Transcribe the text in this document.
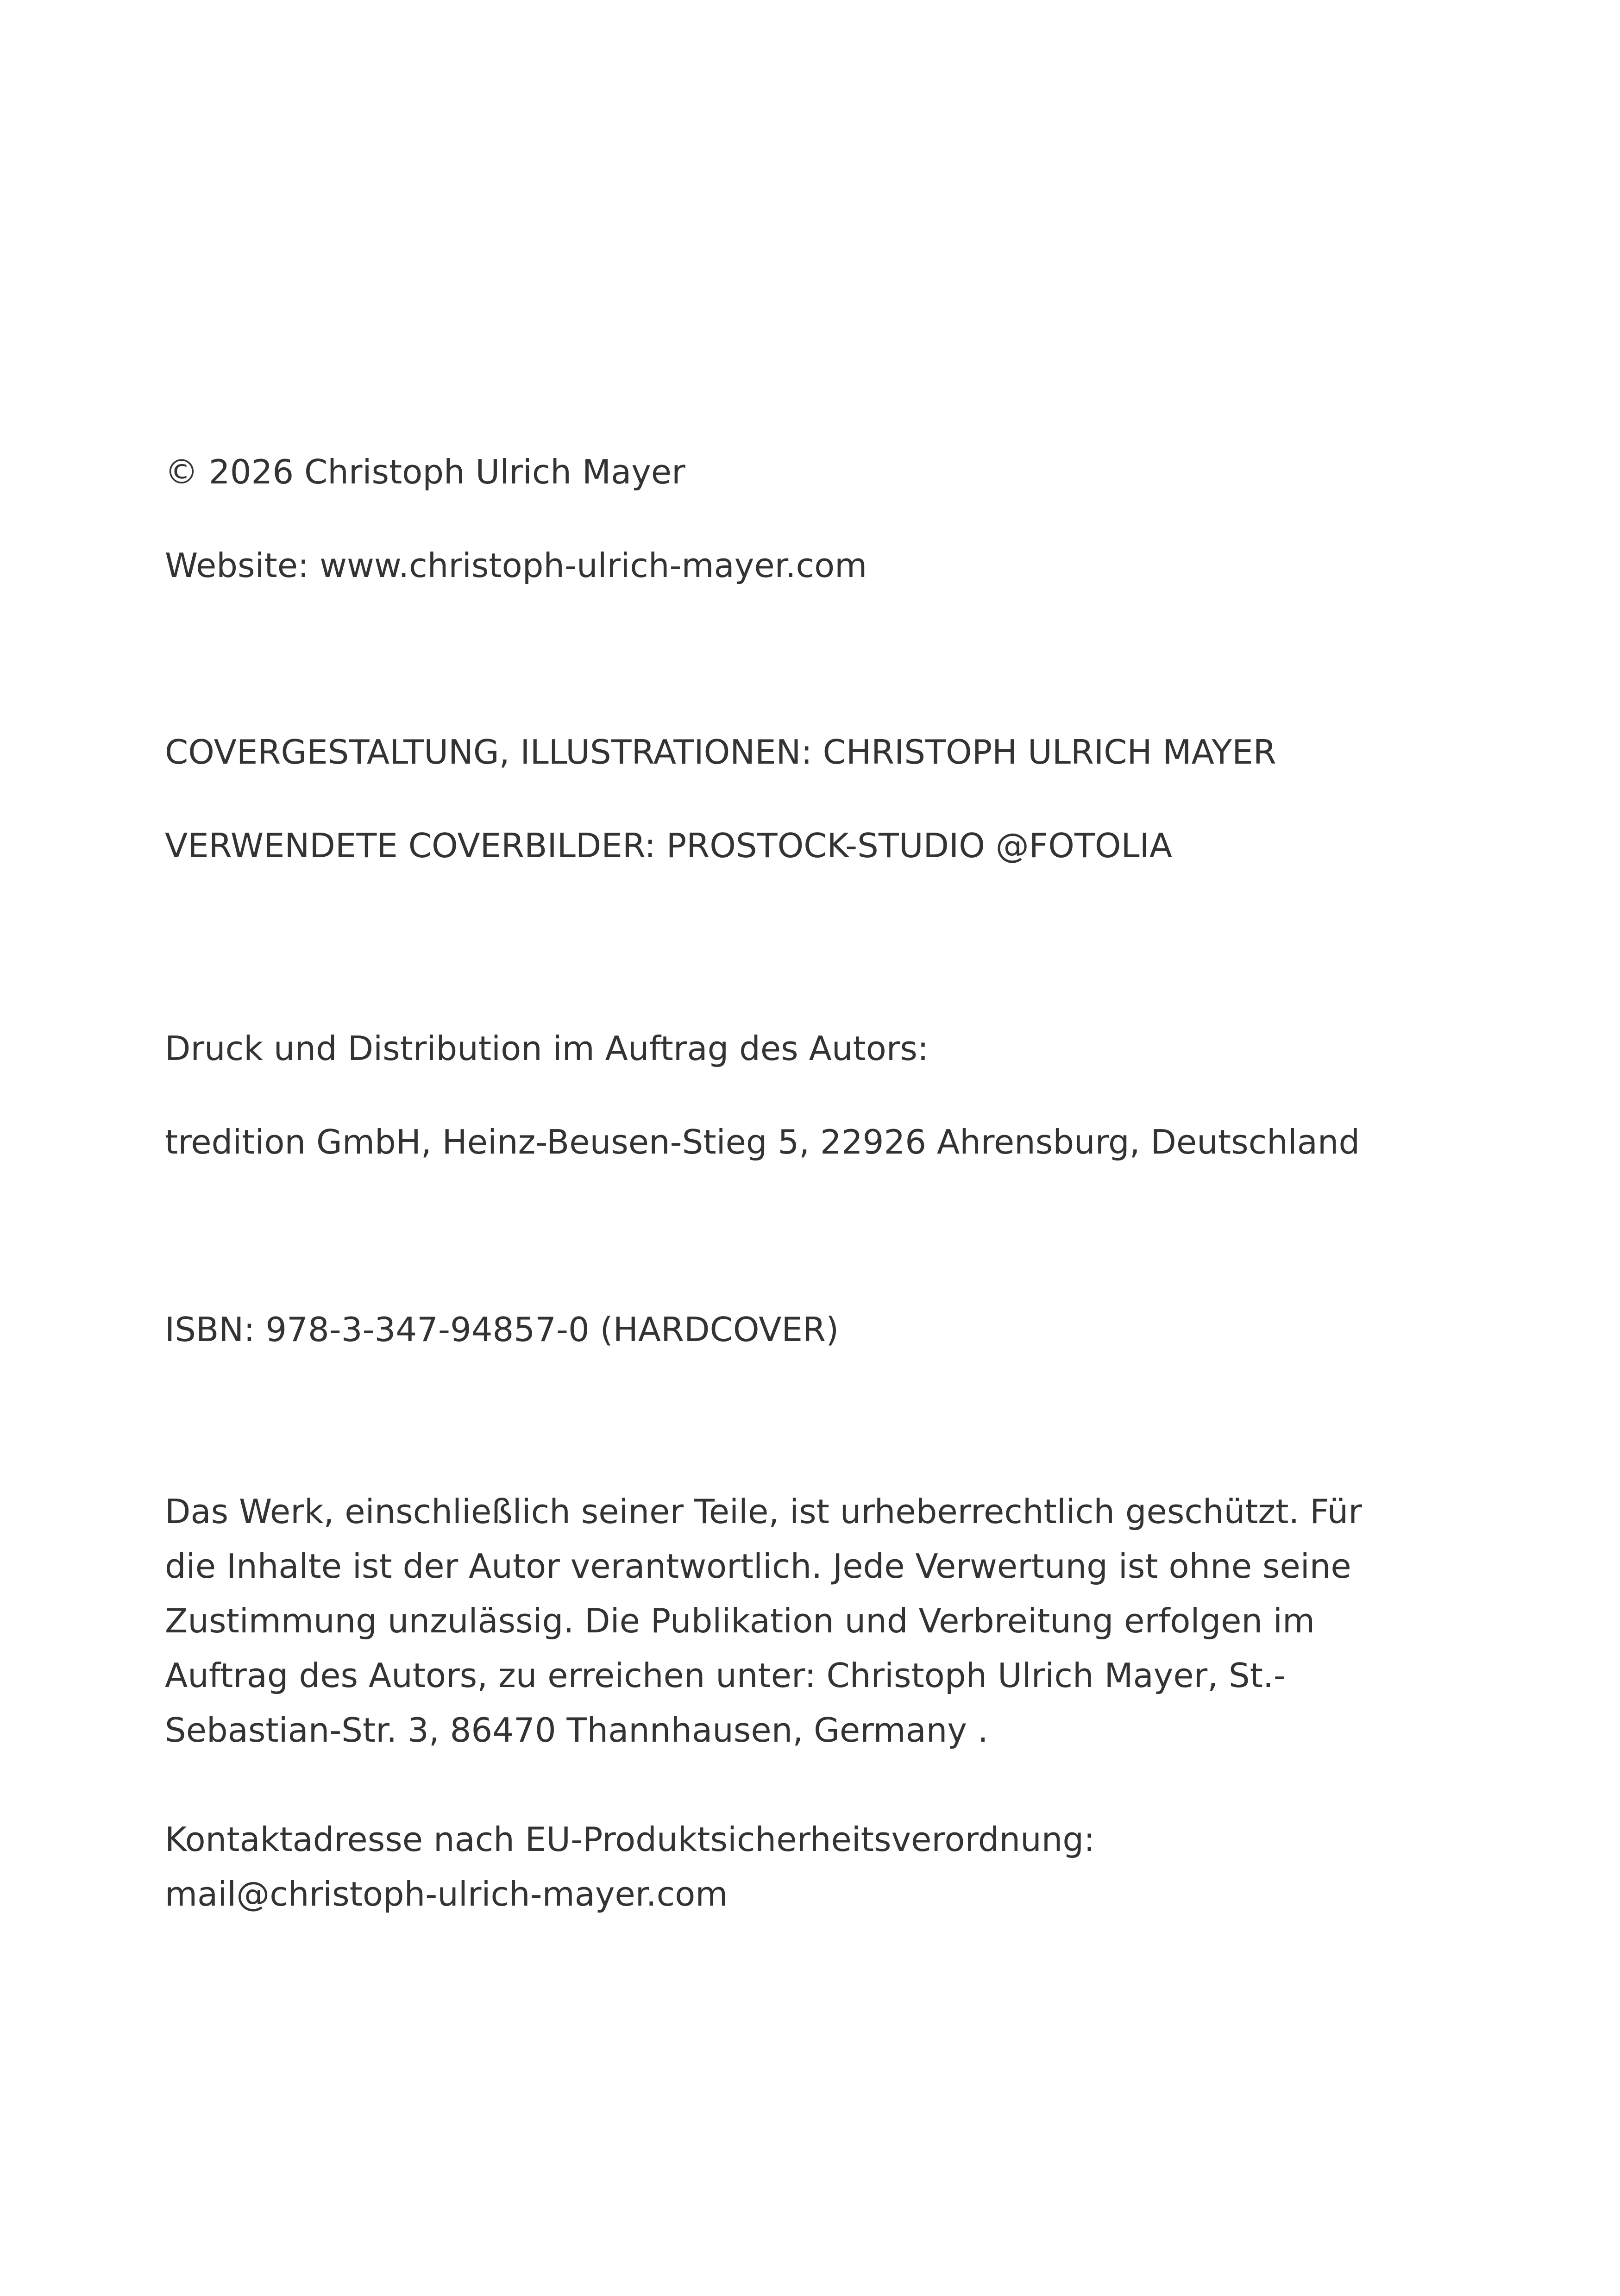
© 2026 Christoph Ulrich Mayer

Website: www.christoph-ulrich-mayer.com

COVERGESTALTUNG, ILLUSTRATIONEN: CHRISTOPH ULRICH MAYER

VERWENDETE COVERBILDER: PROSTOCK-STUDIO @FOTOLIA

Druck und Distribution im Auftrag des Autors:

tredition GmbH, Heinz-Beusen-Stieg 5, 22926 Ahrensburg, Deutschland

ISBN: 978-3-347-94857-0 (HARDCOVER)

Das Werk, einschließlich seiner Teile, ist urheberrechtlich geschützt. Für
die Inhalte ist der Autor verantwortlich. Jede Verwertung ist ohne seine
Zustimmung unzulässig. Die Publikation und Verbreitung erfolgen im
Auftrag des Autors, zu erreichen unter: Christoph Ulrich Mayer, St.-
Sebastian-Str. 3, 86470 Thannhausen, Germany .
Kontaktadresse nach EU-Produktsicherheitsverordnung:
mail@christoph-ulrich-mayer.com
